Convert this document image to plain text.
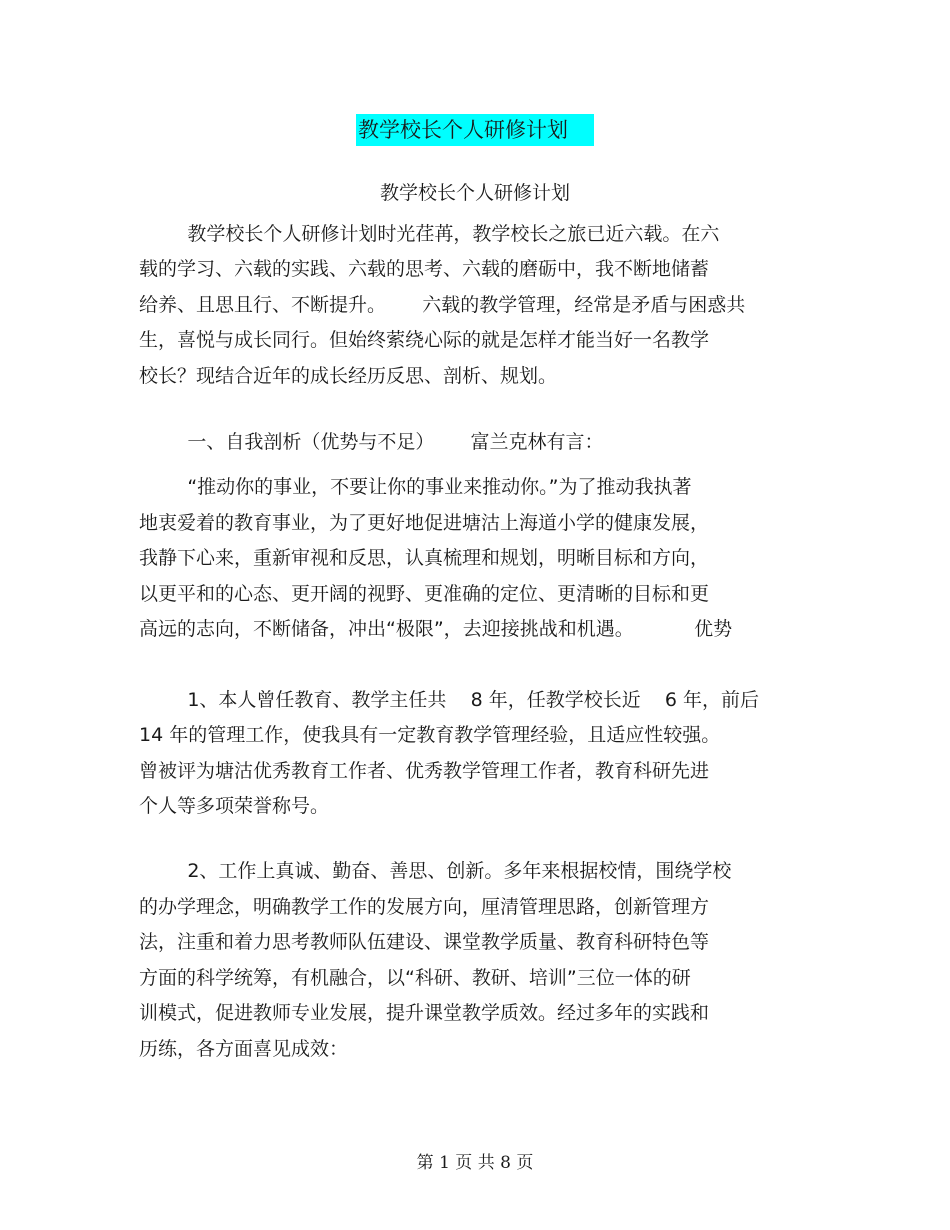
教学校长个人研修计划
教学校长个人研修计划
教学校长个人研修计划时光荏苒，教学校长之旅已近六载。在六
载的学习、六载的实践、六载的思考、六载的磨砺中，我不断地储蓄
给养、且思且行、不断提升。      六载的教学管理，经常是矛盾与困惑共
生，喜悦与成长同行。但始终萦绕心际的就是怎样才能当好一名教学
校长？现结合近年的成长经历反思、剖析、规划。
一、自我剖析（优势与不足）      富兰克林有言：
“推动你的事业，不要让你的事业来推动你。”为了推动我执著
地衷爱着的教育事业，为了更好地促进塘沽上海道小学的健康发展，
我静下心来，重新审视和反思，认真梳理和规划，明晰目标和方向，
以更平和的心态、更开阔的视野、更准确的定位、更清晰的目标和更
高远的志向，不断储备，冲出“极限”，去迎接挑战和机遇。          优势
1、本人曾任教育、教学主任共    8 年，任教学校长近    6 年，前后
14 年的管理工作，使我具有一定教育教学管理经验，且适应性较强。
曾被评为塘沽优秀教育工作者、优秀教学管理工作者，教育科研先进
个人等多项荣誉称号。
2、工作上真诚、勤奋、善思、创新。多年来根据校情，围绕学校
的办学理念，明确教学工作的发展方向，厘清管理思路，创新管理方
法，注重和着力思考教师队伍建设、课堂教学质量、教育科研特色等
方面的科学统筹，有机融合，以“科研、教研、培训”三位一体的研
训模式，促进教师专业发展，提升课堂教学质效。经过多年的实践和
历练，各方面喜见成效：
第 1 页 共 8 页
